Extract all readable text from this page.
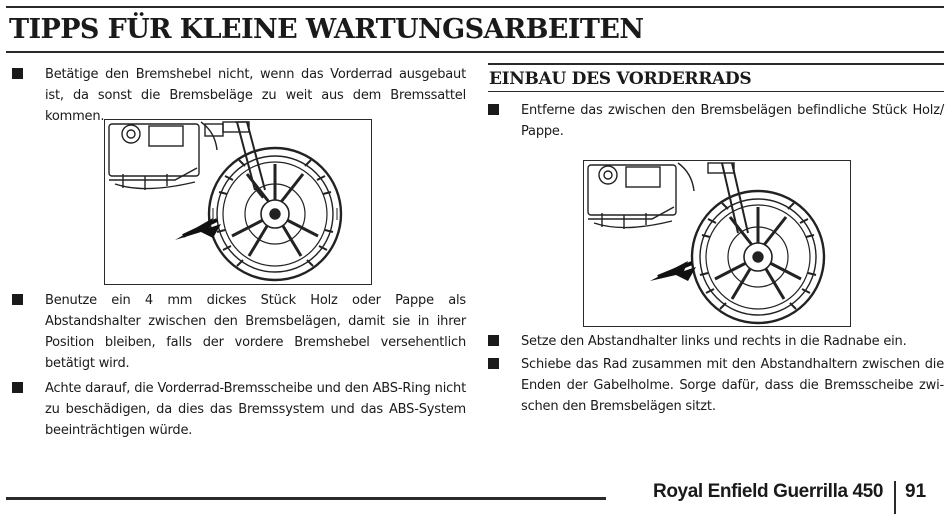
TIPPS FÜR KLEINE WARTUNGSARBEITEN
Betätige den Bremshebel nicht, wenn das Vorderrad ausgebaut ist, da sonst die Bremsbeläge zu weit aus dem Bremssattel kommen.
Benutze ein 4 mm dickes Stück Holz oder Pappe als Abstandshalter zwischen den Bremsbelägen, damit sie in ihrer Position bleiben, falls der vordere Bremshebel versehentlich betätigt wird.
Achte darauf, die Vorderrad-Bremsscheibe und den ABS-Ring nicht zu beschädigen, da dies das Bremssystem und das ABS-System beeinträchtigen würde.
EINBAU DES VORDERRADS
Entferne das zwischen den Bremsbelägen befindliche Stück Holz/ Pappe.
Setze den Abstandhalter links und rechts in die Radnabe ein.
Schiebe das Rad zusammen mit den Abstandhaltern zwischen die Enden der Gabelholme. Sorge dafür, dass die Bremsscheibe zwi- schen den Bremsbelägen sitzt.
Royal Enfield Guerrilla 450 91
